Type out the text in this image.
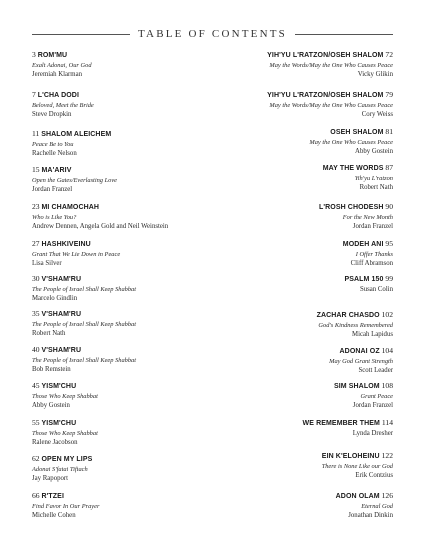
TABLE OF CONTENTS
3 ROM'MU
Exalt Adonai, Our God
Jeremiah Klarman
7 L'CHA DODI
Beloved, Meet the Bride
Steve Dropkin
11 SHALOM ALEICHEM
Peace Be to You
Rachelle Nelson
15 MA'ARIV
Open the Gates/Everlasting Love
Jordan Franzel
23 MI CHAMOCHAH
Who is Like You?
Andrew Dennen, Angela Gold and Neil Weinstein
27 HASHKIVEINU
Grant That We Lie Down in Peace
Lisa Silver
30 V'SHAM'RU
The People of Israel Shall Keep Shabbat
Marcelo Gindlin
35 V'SHAM'RU
The People of Israel Shall Keep Shabbat
Robert Nath
40 V'SHAM'RU
The People of Israel Shall Keep Shabbat
Bob Remstein
45 YISM'CHU
Those Who Keep Shabbat
Abby Gostein
55 YISM'CHU
Those Who Keep Shabbat
Ralene Jacobson
62 OPEN MY LIPS
Adonai S'fatai Tiftach
Jay Rapoport
66 R'TZEI
Find Favor In Our Prayer
Michelle Cohen
YIH'YU L'RATZON/OSEH SHALOM 72
May the Words/May the One Who Causes Peace
Vicky Glikin
YIH'YU L'RATZON/OSEH SHALOM 79
May the Words/May the One Who Causes Peace
Cory Weiss
OSEH SHALOM 81
May the One Who Causes Peace
Abby Gostein
MAY THE WORDS 87
Yih'yu L'ratzon
Robert Nath
L'ROSH CHODESH 90
For the New Month
Jordan Franzel
MODEH ANI 95
I Offer Thanks
Cliff Abramson
PSALM 150 99
Susan Colin
ZACHAR CHASDO 102
God's Kindness Remembered
Micah Lapidus
ADONAI OZ 104
May God Grant Strength
Scott Leader
SIM SHALOM 108
Grant Peace
Jordan Franzel
WE REMEMBER THEM 114
Lynda Dresher
EIN K'ELOHEINU 122
There is None Like our God
Erik Contzius
ADON OLAM 126
Eternal God
Jonathan Dinkin
